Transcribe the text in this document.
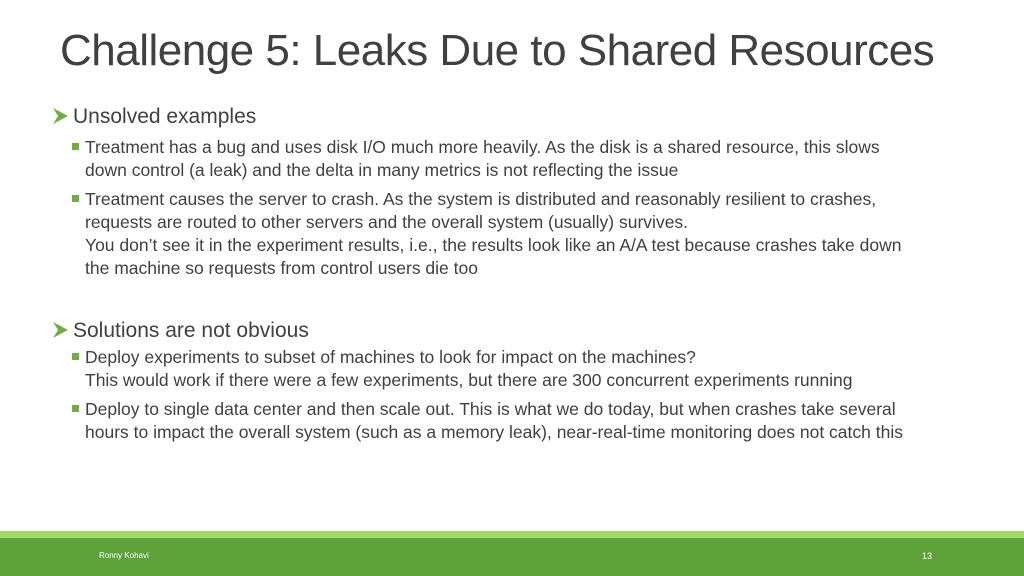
Challenge 5: Leaks Due to Shared Resources
Unsolved examples
Treatment has a bug and uses disk I/O much more heavily. As the disk is a shared resource, this slows
down control (a leak) and the delta in many metrics is not reflecting the issue
Treatment causes the server to crash. As the system is distributed and reasonably resilient to crashes,
requests are routed to other servers and the overall system (usually) survives.
You don’t see it in the experiment results, i.e., the results look like an A/A test because crashes take down
the machine so requests from control users die too
Solutions are not obvious
Deploy experiments to subset of machines to look for impact on the machines?
This would work if there were a few experiments, but there are 300 concurrent experiments running
Deploy to single data center and then scale out. This is what we do today, but when crashes take several
hours to impact the overall system (such as a memory leak), near-real-time monitoring does not catch this
Ronny Kohavi	13
